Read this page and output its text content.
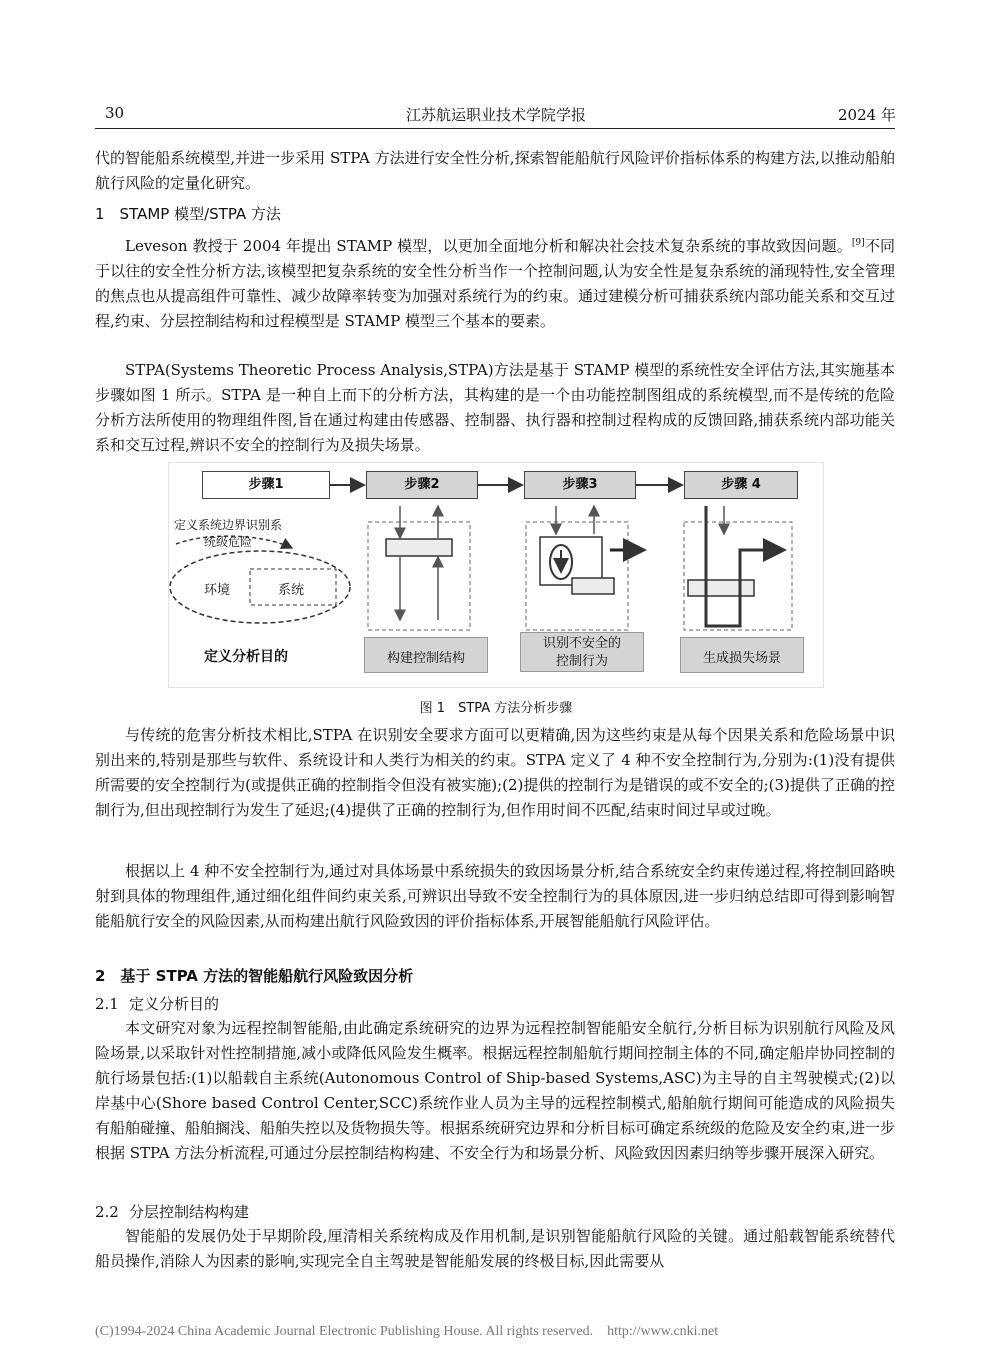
30	江苏航运职业技术学院学报	2024 年

代的智能船系统模型,并进一步采用 STPA 方法进行安全性分析,探索智能船航行风险评价指标体系的构建方法,以推动船舶航行风险的定量化研究。

1　STAMP 模型/STPA 方法

Leveson 教授于 2004 年提出 STAMP 模型，以更加全面地分析和解决社会技术复杂系统的事故致因问题。[9]不同于以往的安全性分析方法,该模型把复杂系统的安全性分析当作一个控制问题,认为安全性是复杂系统的涌现特性,安全管理的焦点也从提高组件可靠性、减少故障率转变为加强对系统行为的约束。通过建模分析可捕获系统内部功能关系和交互过程,约束、分层控制结构和过程模型是 STAMP 模型三个基本的要素。

STPA(Systems Theoretic Process Analysis,STPA)方法是基于 STAMP 模型的系统性安全评估方法,其实施基本步骤如图 1 所示。STPA 是一种自上而下的分析方法，其构建的是一个由功能控制图组成的系统模型,而不是传统的危险分析方法所使用的物理组件图,旨在通过构建由传感器、控制器、执行器和控制过程构成的反馈回路,捕获系统内部功能关系和交互过程,辨识不安全的控制行为及损失场景。

步骤1	步骤2	步骤3	步骤 4
定义系统边界识别系
统级危险
环境	系统
定义分析目的	构建控制结构
识别不安全的
控制行为	生成损失场景
图 1　STPA 方法分析步骤

与传统的危害分析技术相比,STPA 在识别安全要求方面可以更精确,因为这些约束是从每个因果关系和危险场景中识别出来的,特别是那些与软件、系统设计和人类行为相关的约束。STPA 定义了 4 种不安全控制行为,分别为:(1)没有提供所需要的安全控制行为(或提供正确的控制指令但没有被实施);(2)提供的控制行为是错误的或不安全的;(3)提供了正确的控制行为,但出现控制行为发生了延迟;(4)提供了正确的控制行为,但作用时间不匹配,结束时间过早或过晚。

根据以上 4 种不安全控制行为,通过对具体场景中系统损失的致因场景分析,结合系统安全约束传递过程,将控制回路映射到具体的物理组件,通过细化组件间约束关系,可辨识出导致不安全控制行为的具体原因,进一步归纳总结即可得到影响智能船航行安全的风险因素,从而构建出航行风险致因的评价指标体系,开展智能船航行风险评估。

2　基于 STPA 方法的智能船航行风险致因分析
2.1 定义分析目的

本文研究对象为远程控制智能船,由此确定系统研究的边界为远程控制智能船安全航行,分析目标为识别航行风险及风险场景,以采取针对性控制措施,减小或降低风险发生概率。根据远程控制船航行期间控制主体的不同,确定船岸协同控制的航行场景包括:(1)以船载自主系统(Autonomous Control of Ship-based Systems,ASC)为主导的自主驾驶模式;(2)以岸基中心(Shore based Control Center,SCC)系统作业人员为主导的远程控制模式,船舶航行期间可能造成的风险损失有船舶碰撞、船舶搁浅、船舶失控以及货物损失等。根据系统研究边界和分析目标可确定系统级的危险及安全约束,进一步根据 STPA 方法分析流程,可通过分层控制结构构建、不安全行为和场景分析、风险致因因素归纳等步骤开展深入研究。

2.2 分层控制结构构建

智能船的发展仍处于早期阶段,厘清相关系统构成及作用机制,是识别智能船航行风险的关键。通过船载智能系统替代船员操作,消除人为因素的影响,实现完全自主驾驶是智能船发展的终极目标,因此需要从

(C)1994-2024 China Academic Journal Electronic Publishing House. All rights reserved.　http://www.cnki.net
